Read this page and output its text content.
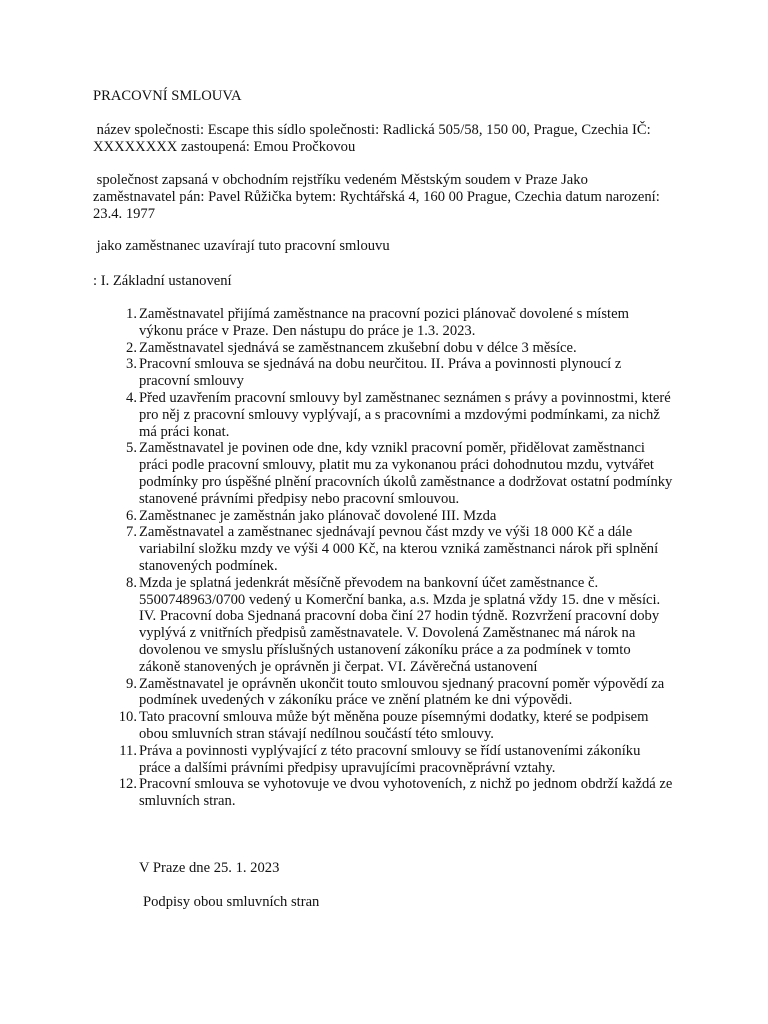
PRACOVNÍ SMLOUVA

název společnosti: Escape this sídlo společnosti: Radlická 505/58, 150 00, Prague, Czechia IČ: XXXXXXXX zastoupená: Emou Pročkovou

společnost zapsaná v obchodním rejstříku vedeném Městským soudem v Praze Jako zaměstnavatel pán: Pavel Růžička bytem: Rychtářská 4, 160 00 Prague, Czechia datum narození: 23.4. 1977

jako zaměstnanec uzavírají tuto pracovní smlouvu

: I. Základní ustanovení

1. Zaměstnavatel přijímá zaměstnance na pracovní pozici plánovač dovolené s místem výkonu práce v Praze. Den nástupu do práce je 1.3. 2023.
2. Zaměstnavatel sjednává se zaměstnancem zkušební dobu v délce 3 měsíce.
3. Pracovní smlouva se sjednává na dobu neurčitou. II. Práva a povinnosti plynoucí z pracovní smlouvy
4. Před uzavřením pracovní smlouvy byl zaměstnanec seznámen s právy a povinnostmi, které pro něj z pracovní smlouvy vyplývají, a s pracovními a mzdovými podmínkami, za nichž má práci konat.
5. Zaměstnavatel je povinen ode dne, kdy vznikl pracovní poměr, přidělovat zaměstnanci práci podle pracovní smlouvy, platit mu za vykonanou práci dohodnutou mzdu, vytvářet podmínky pro úspěšné plnění pracovních úkolů zaměstnance a dodržovat ostatní podmínky stanovené právními předpisy nebo pracovní smlouvou.
6. Zaměstnanec je zaměstnán jako plánovač dovolené III. Mzda
7. Zaměstnavatel a zaměstnanec sjednávají pevnou část mzdy ve výši 18 000 Kč a dále variabilní složku mzdy ve výši 4 000 Kč, na kterou vzniká zaměstnanci nárok při splnění stanovených podmínek.
8. Mzda je splatná jedenkrát měsíčně převodem na bankovní účet zaměstnance č. 5500748963/0700 vedený u Komerční banka, a.s. Mzda je splatná vždy 15. dne v měsíci. IV. Pracovní doba Sjednaná pracovní doba činí 27 hodin týdně. Rozvržení pracovní doby vyplývá z vnitřních předpisů zaměstnavatele. V. Dovolená Zaměstnanec má nárok na dovolenou ve smyslu příslušných ustanovení zákoníku práce a za podmínek v tomto zákoně stanovených je oprávněn ji čerpat. VI. Závěrečná ustanovení
9. Zaměstnavatel je oprávněn ukončit touto smlouvou sjednaný pracovní poměr výpovědí za podmínek uvedených v zákoníku práce ve znění platném ke dni výpovědi.
10. Tato pracovní smlouva může být měněna pouze písemnými dodatky, které se podpisem obou smluvních stran stávají nedílnou součástí této smlouvy.
11. Práva a povinnosti vyplývající z této pracovní smlouvy se řídí ustanoveními zákoníku práce a dalšími právními předpisy upravujícími pracovněprávní vztahy.
12. Pracovní smlouva se vyhotovuje ve dvou vyhotoveních, z nichž po jednom obdrží každá ze smluvních stran.

V Praze dne 25. 1. 2023

Podpisy obou smluvních stran
